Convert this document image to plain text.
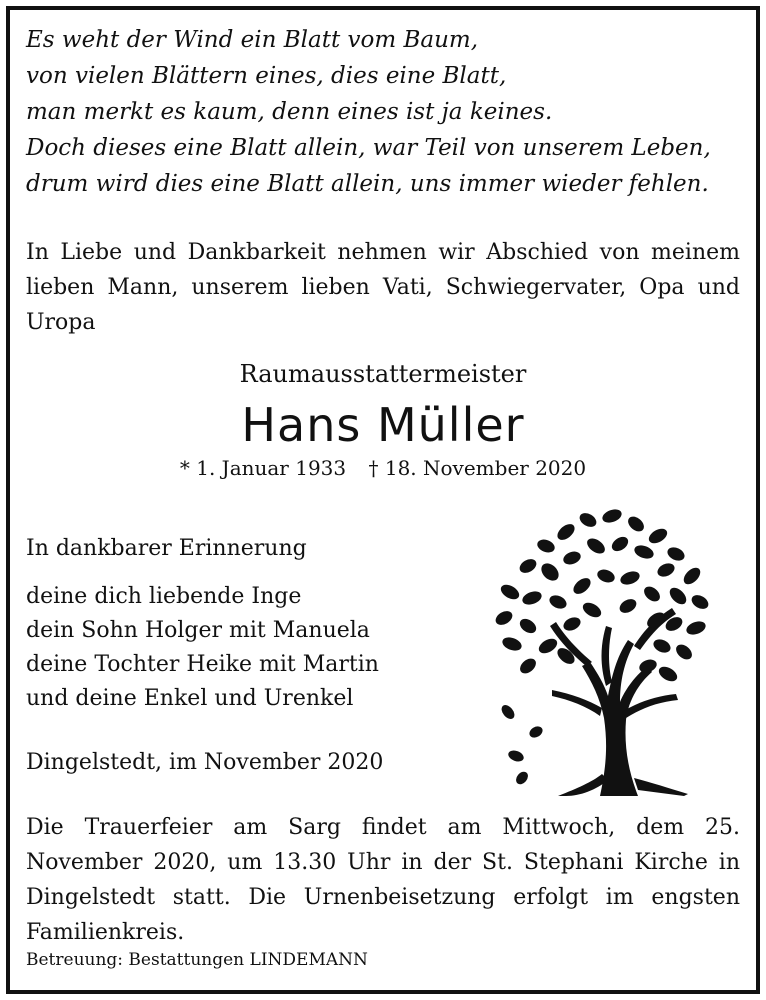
Es weht der Wind ein Blatt vom Baum,
von vielen Blättern eines, dies eine Blatt,
man merkt es kaum, denn eines ist ja keines.
Doch dieses eine Blatt allein, war Teil von unserem Leben,
drum wird dies eine Blatt allein, uns immer wieder fehlen.
In Liebe und Dankbarkeit nehmen wir Abschied von meinem lieben Mann, unserem lieben Vati, Schwiegervater, Opa und Uropa
Raumausstattermeister
Hans Müller
* 1. Januar 1933 † 18. November 2020
In dankbarer Erinnerung
deine dich liebende Inge
dein Sohn Holger mit Manuela
deine Tochter Heike mit Martin
und deine Enkel und Urenkel
Dingelstedt, im November 2020
Die Trauerfeier am Sarg findet am Mittwoch, dem 25. November 2020, um 13.30 Uhr in der St. Stephani Kirche in Dingelstedt statt. Die Urnenbeisetzung erfolgt im engsten Familienkreis.
Betreuung: Bestattungen LINDEMANN
